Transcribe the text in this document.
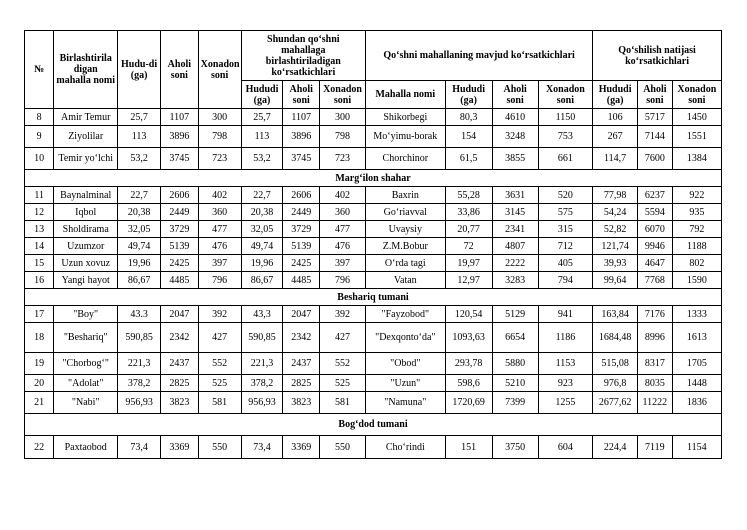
№	Birlashtirila digan mahalla nomi	Hudu-di (ga)	Aholi soni	Xonadon soni	Shundan qoʻshni mahallaga birlashtiriladigan koʻrsatkichlari			Qoʻshni mahallaning mavjud koʻrsatkichlari				Qoʻshilish natijasi koʻrsatkichlari		
					Hududi (ga)	Aholi soni	Xonadon soni	Mahalla nomi	Hududi (ga)	Aholi soni	Xonadon soni	Hududi (ga)	Aholi soni	Xonadon soni
8	Amir Temur	25,7	1107	300	25,7	1107	300	Shikorbegi	80,3	4610	1150	106	5717	1450
9	Ziyolilar	113	3896	798	113	3896	798	Moʻyimu-borak	154	3248	753	267	7144	1551
10	Temir yoʻlchi	53,2	3745	723	53,2	3745	723	Chorchinor	61,5	3855	661	114,7	7600	1384
Margʻilon shahar														
11	Baynalminal	22,7	2606	402	22,7	2606	402	Baxrin	55,28	3631	520	77,98	6237	922
12	Iqbol	20,38	2449	360	20,38	2449	360	Goʻriavval	33,86	3145	575	54,24	5594	935
13	Sholdirama	32,05	3729	477	32,05	3729	477	Uvaysiy	20,77	2341	315	52,82	6070	792
14	Uzumzor	49,74	5139	476	49,74	5139	476	Z.M.Bobur	72	4807	712	121,74	9946	1188
15	Uzun xovuz	19,96	2425	397	19,96	2425	397	Oʻrda tagi	19,97	2222	405	39,93	4647	802
16	Yangi hayot	86,67	4485	796	86,67	4485	796	Vatan	12,97	3283	794	99,64	7768	1590
Beshariq tumani														
17	"Boy"	43.3	2047	392	43,3	2047	392	"Fayzobod"	120,54	5129	941	163,84	7176	1333
18	"Beshariq"	590,85	2342	427	590,85	2342	427	"Dexqontoʻda"	1093,63	6654	1186	1684,48	8996	1613
19	"Chorbogʻ"	221,3	2437	552	221,3	2437	552	"Obod"	293,78	5880	1153	515,08	8317	1705
20	"Adolat"	378,2	2825	525	378,2	2825	525	"Uzun"	598,6	5210	923	976,8	8035	1448
21	"Nabi"	956,93	3823	581	956,93	3823	581	"Namuna"	1720,69	7399	1255	2677,62	11222	1836
Bogʻdod tumani														
22	Paxtaobod	73,4	3369	550	73,4	3369	550	Choʻrindi	151	3750	604	224,4	7119	1154
